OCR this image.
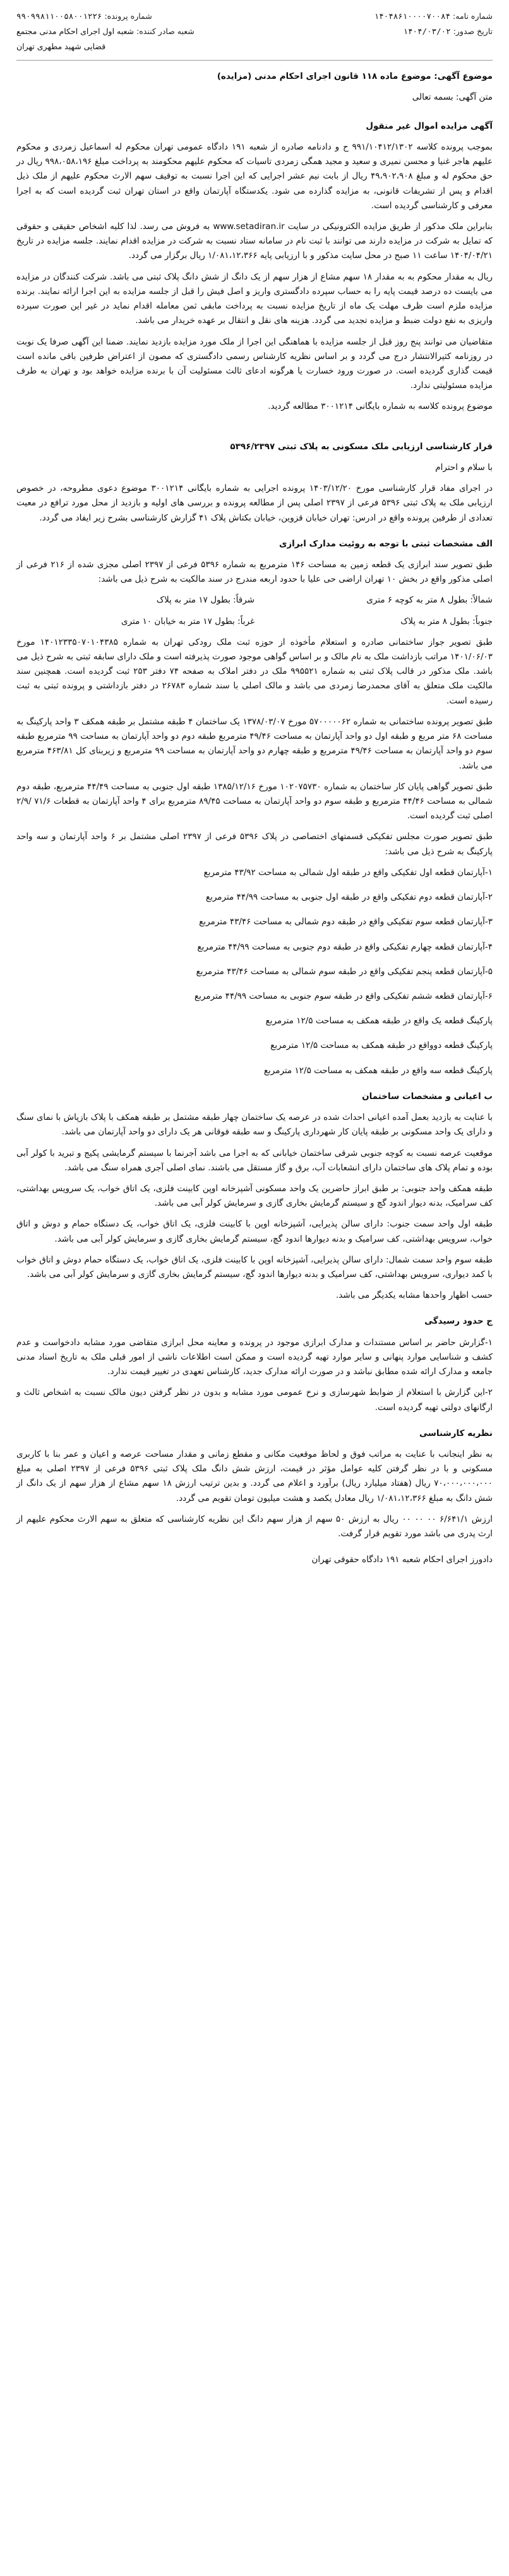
شماره نامه: ۱۴۰۴۸۶۱۰۰۰۰۷۰۰۸۴
تاریخ صدور: ۱۴۰۴/۰۳/۰۲
شماره پرونده: ۹۹۰۹۹۸۱۱۰۰۵۸۰۰۱۲۲۶
شعبه صادر کننده: شعبه اول اجرای احکام مدنی مجتمع قضایی شهید مطهری تهران

موضوع آگهی: موضوع ماده ۱۱۸ قانون اجرای احکام مدنی (مزایده)

متن آگهی: بسمه تعالی

آگهی مزایده اموال غیر منقول

بموجب پرونده کلاسه ۹۹۱/۱۰۴۱۲/۱۳۰۲ ح و دادنامه صادره از شعبه ۱۹۱ دادگاه عمومی تهران محکوم له اسماعیل زمردی و محکوم علیهم هاجر غنیا و محسن نمیری و سعید و مجید همگی زمردی تاسیات که محکوم علیهم محکومند به پرداخت مبلغ ۹۹۸،۰۵۸،۱۹۶ ریال در حق محکوم له و مبلغ ۴۹،۹۰۲،۹۰۸ ریال از بابت نیم عشر اجرایی که این اجرا نسبت به توقیف سهم الارث محکوم علیهم از ملک ذیل اقدام و پس از تشریفات قانونی، به مزایده گذارده می شود. یکدستگاه آپارتمان واقع در استان تهران ثبت گردیده است که به اجرا معرفی و کارشناسی گردیده است.

بنابراین ملک مذکور از طریق مزایده الکترونیکی در سایت www.setadiran.ir به فروش می رسد. لذا کلیه اشخاص حقیقی و حقوقی که تمایل به شرکت در مزایده دارند می توانند با ثبت نام در سامانه ستاد نسبت به شرکت در مزایده اقدام نمایند. جلسه مزایده در تاریخ ۱۴۰۴/۰۴/۲۱ ساعت ۱۱ صبح در محل سایت مذکور و با ارزیابی پایه ۱/۰۸۱،۱۲،۳۶۶ ریال برگزار می گردد.

ریال به مقدار محکوم به به مقدار ۱۸ سهم مشاع از هزار سهم از یک دانگ از شش دانگ پلاک ثبتی می باشد. شرکت کنندگان در مزایده می بایست ده درصد قیمت پایه را به حساب سپرده دادگستری واریز و اصل فیش را قبل از جلسه مزایده به این اجرا ارائه نمایند. برنده مزایده ملزم است ظرف مهلت یک ماه از تاریخ مزایده نسبت به پرداخت مابقی ثمن معامله اقدام نماید در غیر این صورت سپرده واریزی به نفع دولت ضبط و مزایده تجدید می گردد. هزینه های نقل و انتقال بر عهده خریدار می باشد.

متقاضیان می توانند پنج روز قبل از جلسه مزایده با هماهنگی این اجرا از ملک مورد مزایده بازدید نمایند. ضمنا این آگهی صرفا یک نوبت در روزنامه کثیرالانتشار درج می گردد و بر اساس نظریه کارشناس رسمی دادگستری که مصون از اعتراض طرفین باقی مانده است قیمت گذاری گردیده است. در صورت ورود خسارت یا هرگونه ادعای ثالث مسئولیت آن با برنده مزایده خواهد بود و تهران به طرف مزایده مسئولیتی ندارد.

موضوع پرونده کلاسه به شماره بایگانی ۳۰۰۱۲۱۴ مطالعه گردید.

قرار کارشناسی ارزیابی ملک مسکونی به پلاک ثبتی ۵۳۹۶/۲۳۹۷

با سلام و احترام

در اجرای مفاد قرار کارشناسی مورخ ۱۴۰۳/۱۲/۲۰ پرونده اجرایی به شماره بایگانی ۳۰۰۱۲۱۴ موضوع دعوی مطروحه، در خصوص ارزیابی ملک به پلاک ثبتی ۵۳۹۶ فرعی از ۲۳۹۷ اصلی پس از مطالعه پرونده و بررسی های اولیه و بازدید از محل مورد ترافع در معیت تعدادی از طرفین پرونده واقع در ادرس: تهران خیابان قزوین، خیابان بکتاش پلاک ۴۱ گزارش کارشناسی بشرح زیر ایفاد می گردد.

الف مشخصات ثبتی با توجه به روئیت مدارک ابرازی

طبق تصویر سند ابرازی یک قطعه زمین به مساحت ۱۴۶ مترمربع به شماره ۵۳۹۶ فرعی از ۲۳۹۷ اصلی مجزی شده از ۲۱۶ فرعی از اصلی مذکور واقع در بخش ۱۰ تهران اراضی حی علیا با حدود اربعه مندرج در سند مالکیت به شرح ذیل می باشد:

شمالاً: بطول ۸ متر به کوچه ۶ متری
شرقاً: بطول ۱۷ متر به پلاک
جنوباً: بطول ۸ متر به پلاک
غرباً: بطول ۱۷ متر به خیابان ۱۰ متری

طبق تصویر جواز ساختمانی صادره و استعلام مأخوذه از حوزه ثبت ملک رودکی تهران به شماره ۱۴۰۱۲۳۳۵۰۷۰۱۰۴۳۸۵ مورخ ۱۴۰۱/۰۶/۰۳ مراتب بازداشت ملک به نام مالک و بر اساس گواهی موجود صورت پذیرفته است و ملک دارای سابقه ثبتی به شرح ذیل می باشد. ملک مذکور در قالب پلاک ثبتی به شماره ۹۹۵۵۲۱ ملک در دفتر املاک به صفحه ۷۴ دفتر ۲۵۳ ثبت گردیده است. همچنین سند مالکیت ملک متعلق به آقای محمدرضا زمردی می باشد و مالک اصلی با سند شماره ۲۶۷۸۳ در دفتر بازداشتی و پرونده ثبتی به ثبت رسیده است.

طبق تصویر پرونده ساختمانی به شماره ۵۷۰۰۰۰۰۶۲ مورخ ۱۳۷۸/۰۳/۰۷ یک ساختمان ۴ طبقه مشتمل بر طبقه همکف ۳ واحد پارکینگ به مساحت ۶۸ متر مربع و طبقه اول دو واحد آپارتمان به مساحت ۴۹/۴۶ مترمربع طبقه دوم دو واحد آپارتمان به مساحت ۹۹ مترمربع طبقه سوم دو واحد آپارتمان به مساحت ۴۹/۴۶ مترمربع و طبقه چهارم دو واحد آپارتمان به مساحت ۹۹ مترمربع و زیربنای کل ۴۶۳/۸۱ مترمربع می باشد.

طبق تصویر گواهی پایان کار ساختمان به شماره ۱۰۲۰۷۵۷۳۰ مورخ ۱۳۸۵/۱۲/۱۶ طبقه اول جنوبی به مساحت ۴۴/۴۹ مترمربع، طبقه دوم شمالی به مساحت ۴۴/۴۶ مترمربع و طبقه سوم دو واحد آپارتمان به مساحت ۸۹/۴۵ مترمربع برای ۴ واحد آپارتمان به قطعات ۷۱/۶ /۲/۹ اصلی ثبت گردیده است.

طبق تصویر صورت مجلس تفکیکی قسمتهای اختصاصی در پلاک ۵۳۹۶ فرعی از ۲۳۹۷ اصلی مشتمل بر ۶ واحد آپارتمان و سه واحد پارکینگ به شرح ذیل می باشد:

۱-آپارتمان قطعه اول تفکیکی واقع در طبقه اول شمالی به مساحت ۴۳/۹۲ مترمربع

۲-آپارتمان قطعه دوم تفکیکی واقع در طبقه اول جنوبی به مساحت ۴۴/۹۹ مترمربع

۳-آپارتمان قطعه سوم تفکیکی واقع در طبقه دوم شمالی به مساحت ۴۳/۴۶ مترمربع

۴-آپارتمان قطعه چهارم تفکیکی واقع در طبقه دوم جنوبی به مساحت ۴۴/۹۹ مترمربع

۵-آپارتمان قطعه پنجم تفکیکی واقع در طبقه سوم شمالی به مساحت ۴۳/۴۶ مترمربع

۶-آپارتمان قطعه ششم تفکیکی واقع در طبقه سوم جنوبی به مساحت ۴۴/۹۹ مترمربع

پارکینگ قطعه یک واقع در طبقه همکف به مساحت ۱۲/۵ مترمربع

پارکینگ قطعه دوواقع در طبقه همکف به مساحت ۱۲/۵ مترمربع

پارکینگ قطعه سه واقع در طبقه همکف به مساحت ۱۲/۵ مترمربع

ب اعیانی و مشخصات ساختمان

با عنایت به بازدید بعمل آمده اعیانی احداث شده در عرصه یک ساختمان چهار طبقه مشتمل بر طبقه همکف با پلاک بازپاش با نمای سنگ و دارای یک واحد مسکونی بر طبقه پایان کار شهرداری پارکینگ و سه طبقه فوقانی هر یک دارای دو واحد آپارتمان می باشد.

موقعیت عرصه نسبت به کوچه جنوبی شرقی ساختمان خیابانی که به اجرا می باشد آجرنما با سیستم گرمایشی پکیج و تبرید با کولر آبی بوده و تمام پلاک های ساختمان دارای انشعابات آب، برق و گاز مستقل می باشند. نمای اصلی آجری همراه سنگ می باشد.

طبقه همکف واحد جنوبی: بر طبق ابراز حاضرین یک واحد مسکونی آشپزخانه اوپن کابینت فلزی، یک اتاق خواب، یک سرویس بهداشتی، کف سرامیک، بدنه دیوار اندود گچ و سیستم گرمایش بخاری گازی و سرمایش کولر آبی می باشد.

طبقه اول واحد سمت جنوب: دارای سالن پذیرایی، آشپزخانه اوپن با کابینت فلزی، یک اتاق خواب، یک دستگاه حمام و دوش و اتاق خواب، سرویس بهداشتی، کف سرامیک و بدنه دیوارها اندود گچ، سیستم گرمایش بخاری گازی و سرمایش کولر آبی می باشد.

طبقه سوم واحد سمت شمال: دارای سالن پذیرایی، آشپزخانه اوپن با کابینت فلزی، یک اتاق خواب، یک دستگاه حمام دوش و اتاق خواب با کمد دیواری، سرویس بهداشتی، کف سرامیک و بدنه دیوارها اندود گچ، سیستم گرمایش بخاری گازی و سرمایش کولر آبی می باشد.

حسب اظهار واحدها مشابه یکدیگر می باشد.

ج حدود رسیدگی

۱-گزارش حاضر بر اساس مستندات و مدارک ابرازی موجود در پرونده و معاینه محل ابرازی متقاضی مورد مشابه دادخواست و عدم کشف و شناسایی موارد پنهانی و سایر موارد تهیه گردیده است و ممکن است اطلاعات ناشی از امور قبلی ملک به تاریخ اسناد مدنی جامعه و مدارک ارائه شده مطابق نباشد و در صورت ارائه مدارک جدید، کارشناس تعهدی در تغییر قیمت ندارد.

۲-این گزارش با استعلام از ضوابط شهرسازی و نرخ عمومی مورد مشابه و بدون در نظر گرفتن دیون مالک نسبت به اشخاص ثالث و ارگانهای دولتی تهیه گردیده است.

نظریه کارشناسی

به نظر اینجانب با عنایت به مراتب فوق و لحاظ موقعیت مکانی و مقطع زمانی و مقدار مساحت عرصه و اعیان و عمر بنا با کاربری مسکونی و با در نظر گرفتن کلیه عوامل مؤثر در قیمت، ارزش شش دانگ ملک پلاک ثبتی ۵۳۹۶ فرعی از ۲۳۹۷ اصلی به مبلغ ۷۰،۰۰۰،۰۰۰،۰۰۰ ریال (هفتاد میلیارد ریال) برآورد و اعلام می گردد. و بدین ترتیب ارزش ۱۸ سهم مشاع از هزار سهم از یک دانگ از شش دانگ به مبلغ ۱/۰۸۱،۱۲،۳۶۶ ریال معادل یکصد و هشت میلیون تومان تقویم می گردد.

ارزش ۶/۶۴۱/۱ ۰۰ ۰۰ ۰۰ ریال به ارزش ۵۰ سهم از هزار سهم دانگ این نظریه کارشناسی که متعلق به سهم الارث محکوم علیهم از ارث پدری می باشد مورد تقویم قرار گرفت.

دادورز اجرای احکام شعبه ۱۹۱ دادگاه حقوقی تهران
